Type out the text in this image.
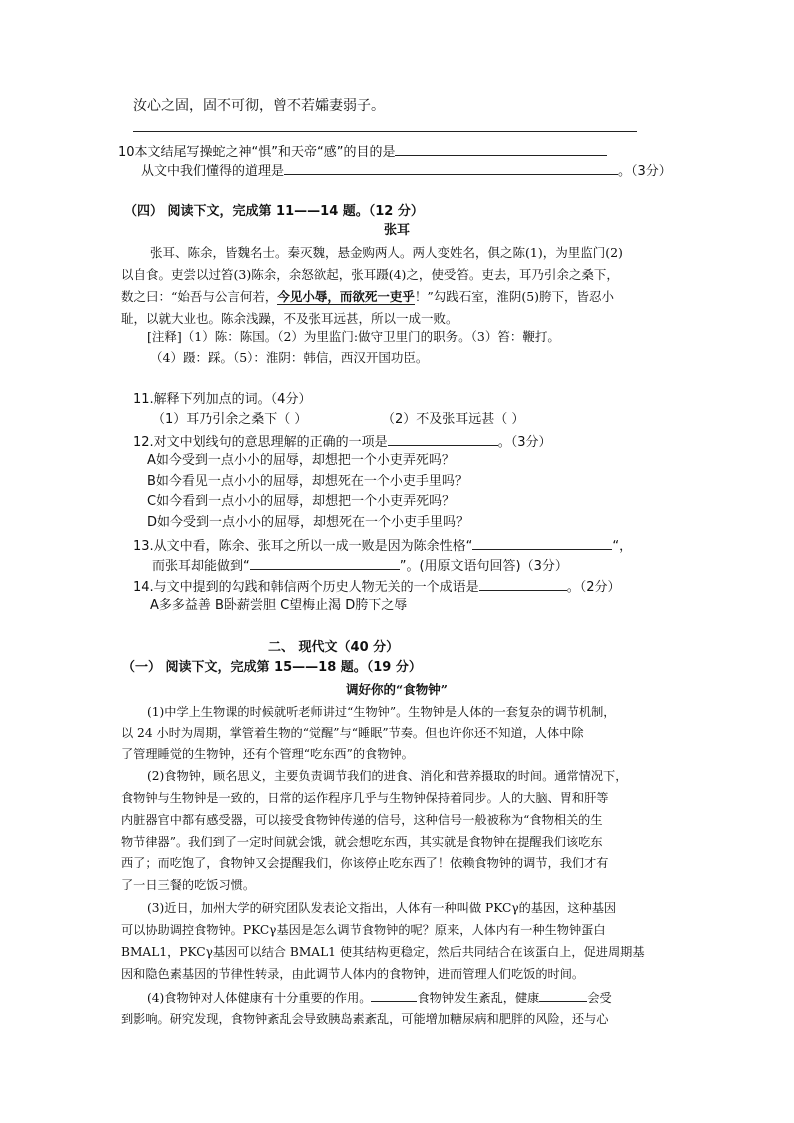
汝心之固，固不可彻，曾不若孀妻弱子。
10本文结尾写操蛇之神“惧”和天帝“感”的目的是
从文中我们懂得的道理是	。（3分）
（四） 阅读下文，完成第 11——14 题。（12 分）
张耳
张耳、陈余，皆魏名士。秦灭魏，悬金购两人。两人变姓名，俱之陈(1)，为里监门(2)
以自食。吏尝以过笞(3)陈余，余怒欲起，张耳蹑(4)之，使受笞。吏去，耳乃引余之桑下，
数之曰：“始吾与公言何若，今见小辱，而欲死一吏乎！”勾践石室，淮阴(5)胯下，皆忍小
耻，以就大业也。陈余浅躁，不及张耳远甚，所以一成一败。
[注释]（1）陈：陈国。（2）为里监门:做守卫里门的职务。（3）笞：鞭打。
（4）蹑：踩。（5）：淮阴：韩信，西汉开国功臣。
11.解释下列加点的词。（4分）
（1）耳乃引余之桑下（ ）	（2）不及张耳远甚（ ）
12.对文中划线句的意思理解的正确的一项是	。（3分）
A如今受到一点小小的屈辱，却想把一个小吏弄死吗？
B如今看见一点小小的屈辱，却想死在一个小吏手里吗？
C如今看到一点小小的屈辱，却想把一个小吏弄死吗？
D如今受到一点小小的屈辱，却想死在一个小吏手里吗？
13.从文中看，陈余、张耳之所以一成一败是因为陈余性格“	“，
而张耳却能做到“	”。(用原文语句回答)（3分）
14.与文中提到的勾践和韩信两个历史人物无关的一个成语是	。（2分）
A多多益善 B卧薪尝胆 C望梅止渴 D胯下之辱
二、 现代文（40 分）
（一） 阅读下文，完成第 15——18 题。（19 分）
调好你的“食物钟”
(1)中学上生物课的时候就听老师讲过“生物钟”。生物钟是人体的一套复杂的调节机制，
以 24 小时为周期，掌管着生物的“觉醒”与“睡眠”节奏。但也许你还不知道，人体中除
了管理睡觉的生物钟，还有个管理“吃东西”的食物钟。
(2)食物钟，顾名思义，主要负责调节我们的进食、消化和营养摄取的时间。通常情况下，
食物钟与生物钟是一致的，日常的运作程序几乎与生物钟保持着同步。人的大脑、胃和肝等
内脏器官中都有感受器，可以接受食物钟传递的信号，这种信号一般被称为“食物相关的生
物节律器”。我们到了一定时间就会饿，就会想吃东西，其实就是食物钟在提醒我们该吃东
西了；而吃饱了，食物钟又会提醒我们，你该停止吃东西了！依赖食物钟的调节，我们才有
了一日三餐的吃饭习惯。
(3)近日，加州大学的研究团队发表论文指出，人体有一种叫做 PKCγ的基因，这种基因
可以协助调控食物钟。PKCγ基因是怎么调节食物钟的呢？原来，人体内有一种生物钟蛋白
BMAL1，PKCγ基因可以结合 BMAL1 使其结构更稳定，然后共同结合在该蛋白上，促进周期基
因和隐色素基因的节律性转录，由此调节人体内的食物钟，进而管理人们吃饭的时间。
(4)食物钟对人体健康有十分重要的作用。	食物钟发生紊乱，健康	会受
到影响。研究发现，食物钟紊乱会导致胰岛素紊乱，可能增加糖尿病和肥胖的风险，还与心
